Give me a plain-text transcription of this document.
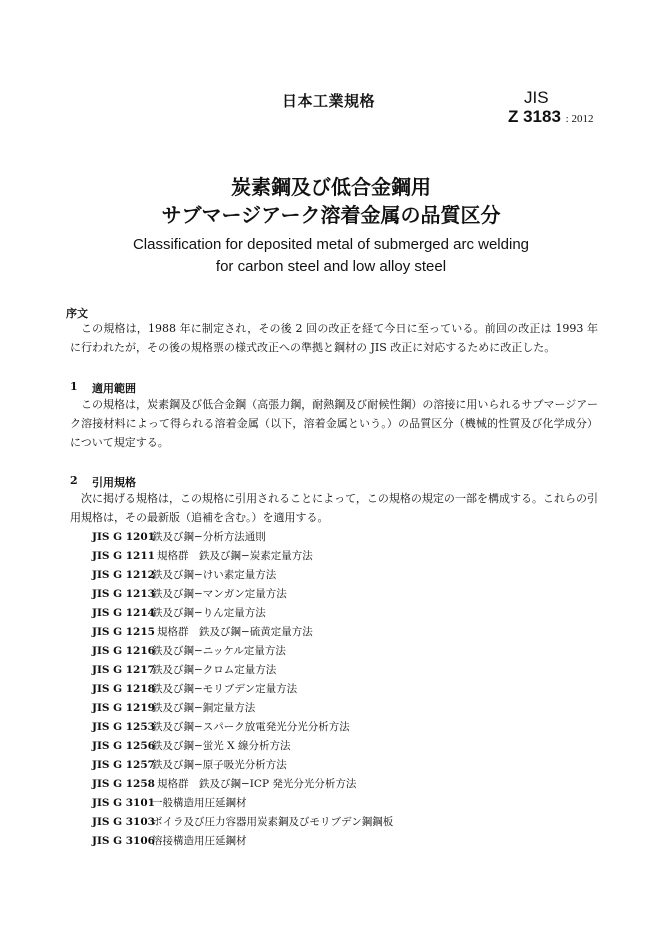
日本工業規格	JIS
Z 3183 : 2012
炭素鋼及び低合金鋼用
サブマージアーク溶着金属の品質区分
Classification for deposited metal of submerged arc welding
for carbon steel and low alloy steel
序文

この規格は，1988 年に制定され，その後 2 回の改正を経て今日に至っている。前回の改正は 1993 年に行われたが，その後の規格票の様式改正への準拠と鋼材の JIS 改正に対応するために改正した。

1 適用範囲

この規格は，炭素鋼及び低合金鋼（高張力鋼，耐熱鋼及び耐候性鋼）の溶接に用いられるサブマージアーク溶接材料によって得られる溶着金属（以下，溶着金属という。）の品質区分（機械的性質及び化学成分）について規定する。

2 引用規格

次に掲げる規格は，この規格に引用されることによって，この規格の規定の一部を構成する。これらの引用規格は，その最新版（追補を含む。）を適用する。

JIS G 1201鉄及び鋼−分析方法通則
JIS G 1211 規格群　鉄及び鋼−炭素定量方法
JIS G 1212鉄及び鋼−けい素定量方法
JIS G 1213鉄及び鋼−マンガン定量方法
JIS G 1214鉄及び鋼−りん定量方法
JIS G 1215 規格群　鉄及び鋼−硫黄定量方法
JIS G 1216鉄及び鋼−ニッケル定量方法
JIS G 1217鉄及び鋼−クロム定量方法
JIS G 1218鉄及び鋼−モリブデン定量方法
JIS G 1219鉄及び鋼−銅定量方法
JIS G 1253鉄及び鋼−スパーク放電発光分光分析方法
JIS G 1256鉄及び鋼−蛍光 X 線分析方法
JIS G 1257鉄及び鋼−原子吸光分析方法
JIS G 1258 規格群　鉄及び鋼−ICP 発光分光分析方法
JIS G 3101一般構造用圧延鋼材
JIS G 3103ボイラ及び圧力容器用炭素鋼及びモリブデン鋼鋼板
JIS G 3106溶接構造用圧延鋼材
